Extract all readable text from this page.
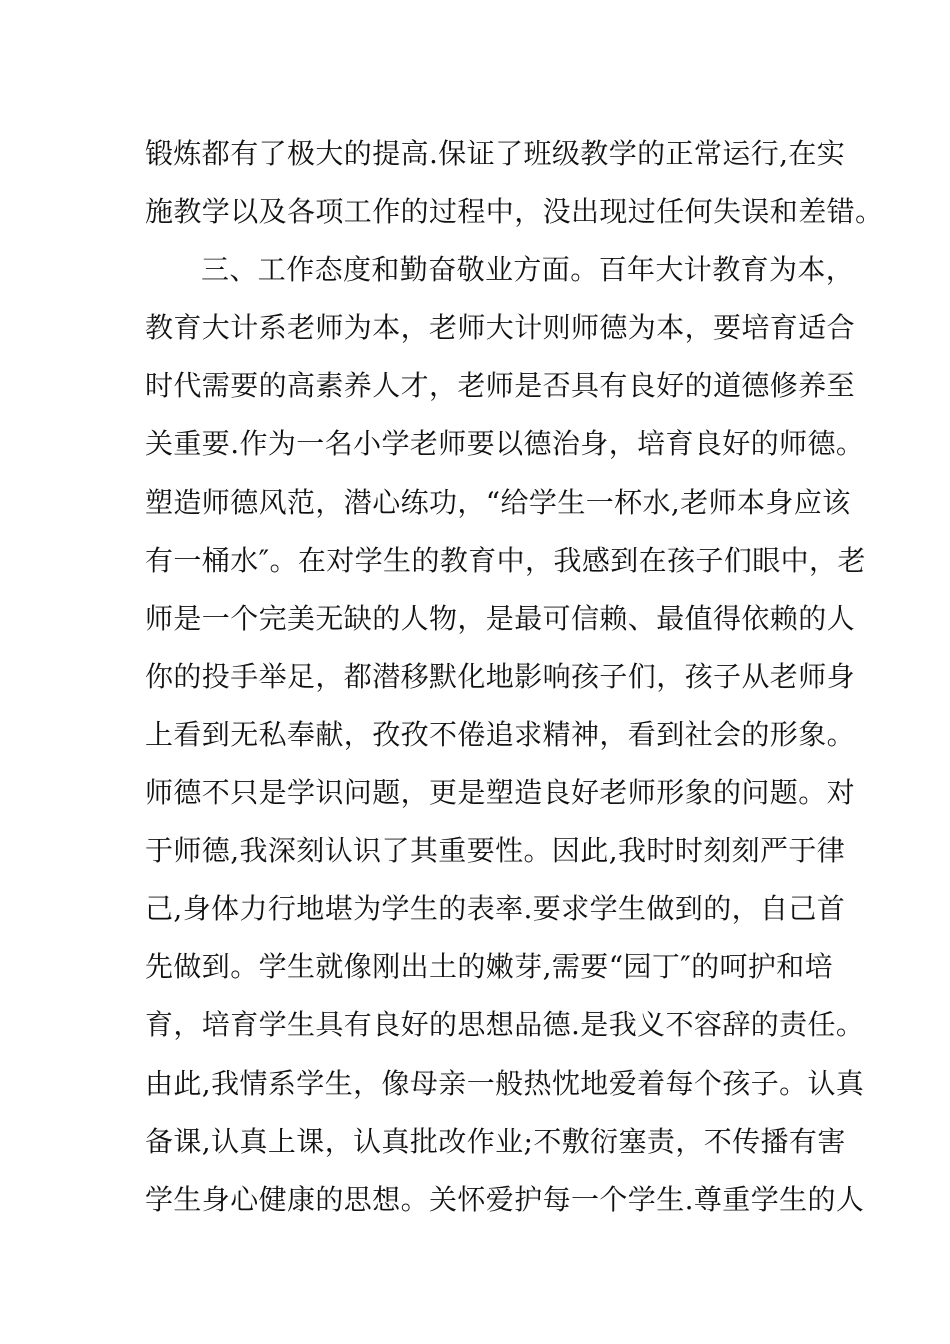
锻炼都有了极大的提高.保证了班级教学的正常运行,在实
施教学以及各项工作的过程中，没出现过任何失误和差错。
三、工作态度和勤奋敬业方面。百年大计教育为本，
教育大计系老师为本，老师大计则师德为本，要培育适合
时代需要的高素养人才，老师是否具有良好的道德修养至
关重要.作为一名小学老师要以德治身，培育良好的师德。
塑造师德风范，潜心练功，“给学生一杯水,老师本身应该
有一桶水″。在对学生的教育中，我感到在孩子们眼中，老
师是一个完美无缺的人物，是最可信赖、最值得依赖的人
你的投手举足，都潜移默化地影响孩子们，孩子从老师身
上看到无私奉献，孜孜不倦追求精神，看到社会的形象。
师德不只是学识问题，更是塑造良好老师形象的问题。对
于师德,我深刻认识了其重要性。因此,我时时刻刻严于律
己,身体力行地堪为学生的表率.要求学生做到的，自己首
先做到。学生就像刚出土的嫩芽,需要“园丁″的呵护和培
育，培育学生具有良好的思想品德.是我义不容辞的责任。
由此,我情系学生，像母亲一般热忱地爱着每个孩子。认真
备课,认真上课，认真批改作业;不敷衍塞责，不传播有害
学生身心健康的思想。关怀爱护每一个学生.尊重学生的人
